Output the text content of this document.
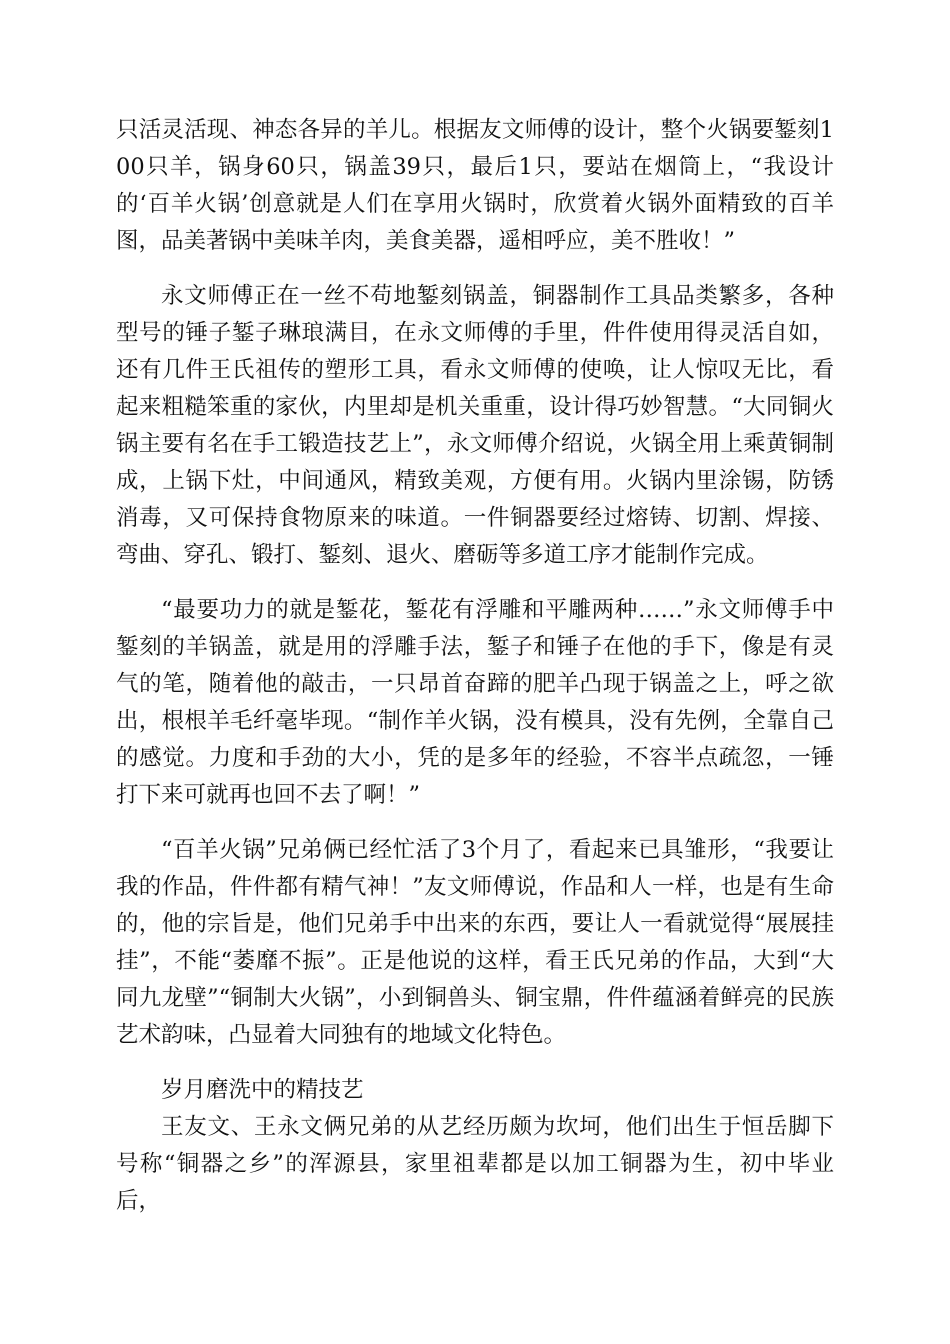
只活灵活现、神态各异的羊儿。根据友文师傅的设计，整个火锅要錾刻100只羊，锅身60只，锅盖39只，最后1只，要站在烟筒上，“我设计的‘百羊火锅’创意就是人们在享用火锅时，欣赏着火锅外面精致的百羊图，品美著锅中美味羊肉，美食美器，遥相呼应，美不胜收！”

永文师傅正在一丝不苟地錾刻锅盖，铜器制作工具品类繁多，各种型号的锤子錾子琳琅满目，在永文师傅的手里，件件使用得灵活自如，还有几件王氏祖传的塑形工具，看永文师傅的使唤，让人惊叹无比，看起来粗糙笨重的家伙，内里却是机关重重，设计得巧妙智慧。“大同铜火锅主要有名在手工锻造技艺上”，永文师傅介绍说，火锅全用上乘黄铜制成，上锅下灶，中间通风，精致美观，方便有用。火锅内里涂锡，防锈消毒，又可保持食物原来的味道。一件铜器要经过熔铸、切割、焊接、弯曲、穿孔、锻打、錾刻、退火、磨砺等多道工序才能制作完成。

“最要功力的就是錾花，錾花有浮雕和平雕两种……”永文师傅手中錾刻的羊锅盖，就是用的浮雕手法，錾子和锤子在他的手下，像是有灵气的笔，随着他的敲击，一只昂首奋蹄的肥羊凸现于锅盖之上，呼之欲出，根根羊毛纤毫毕现。“制作羊火锅，没有模具，没有先例，全靠自己的感觉。力度和手劲的大小，凭的是多年的经验，不容半点疏忽，一锤打下来可就再也回不去了啊！”

“百羊火锅”兄弟俩已经忙活了3个月了，看起来已具雏形，“我要让我的作品，件件都有精气神！”友文师傅说，作品和人一样，也是有生命的，他的宗旨是，他们兄弟手中出来的东西，要让人一看就觉得“展展挂挂”，不能“萎靡不振”。正是他说的这样，看王氏兄弟的作品，大到“大同九龙壁”“铜制大火锅”，小到铜兽头、铜宝鼎，件件蕴涵着鲜亮的民族艺术韵味，凸显着大同独有的地域文化特色。

岁月磨洗中的精技艺

王友文、王永文俩兄弟的从艺经历颇为坎坷，他们出生于恒岳脚下号称“铜器之乡”的浑源县，家里祖辈都是以加工铜器为生，初中毕业后，
